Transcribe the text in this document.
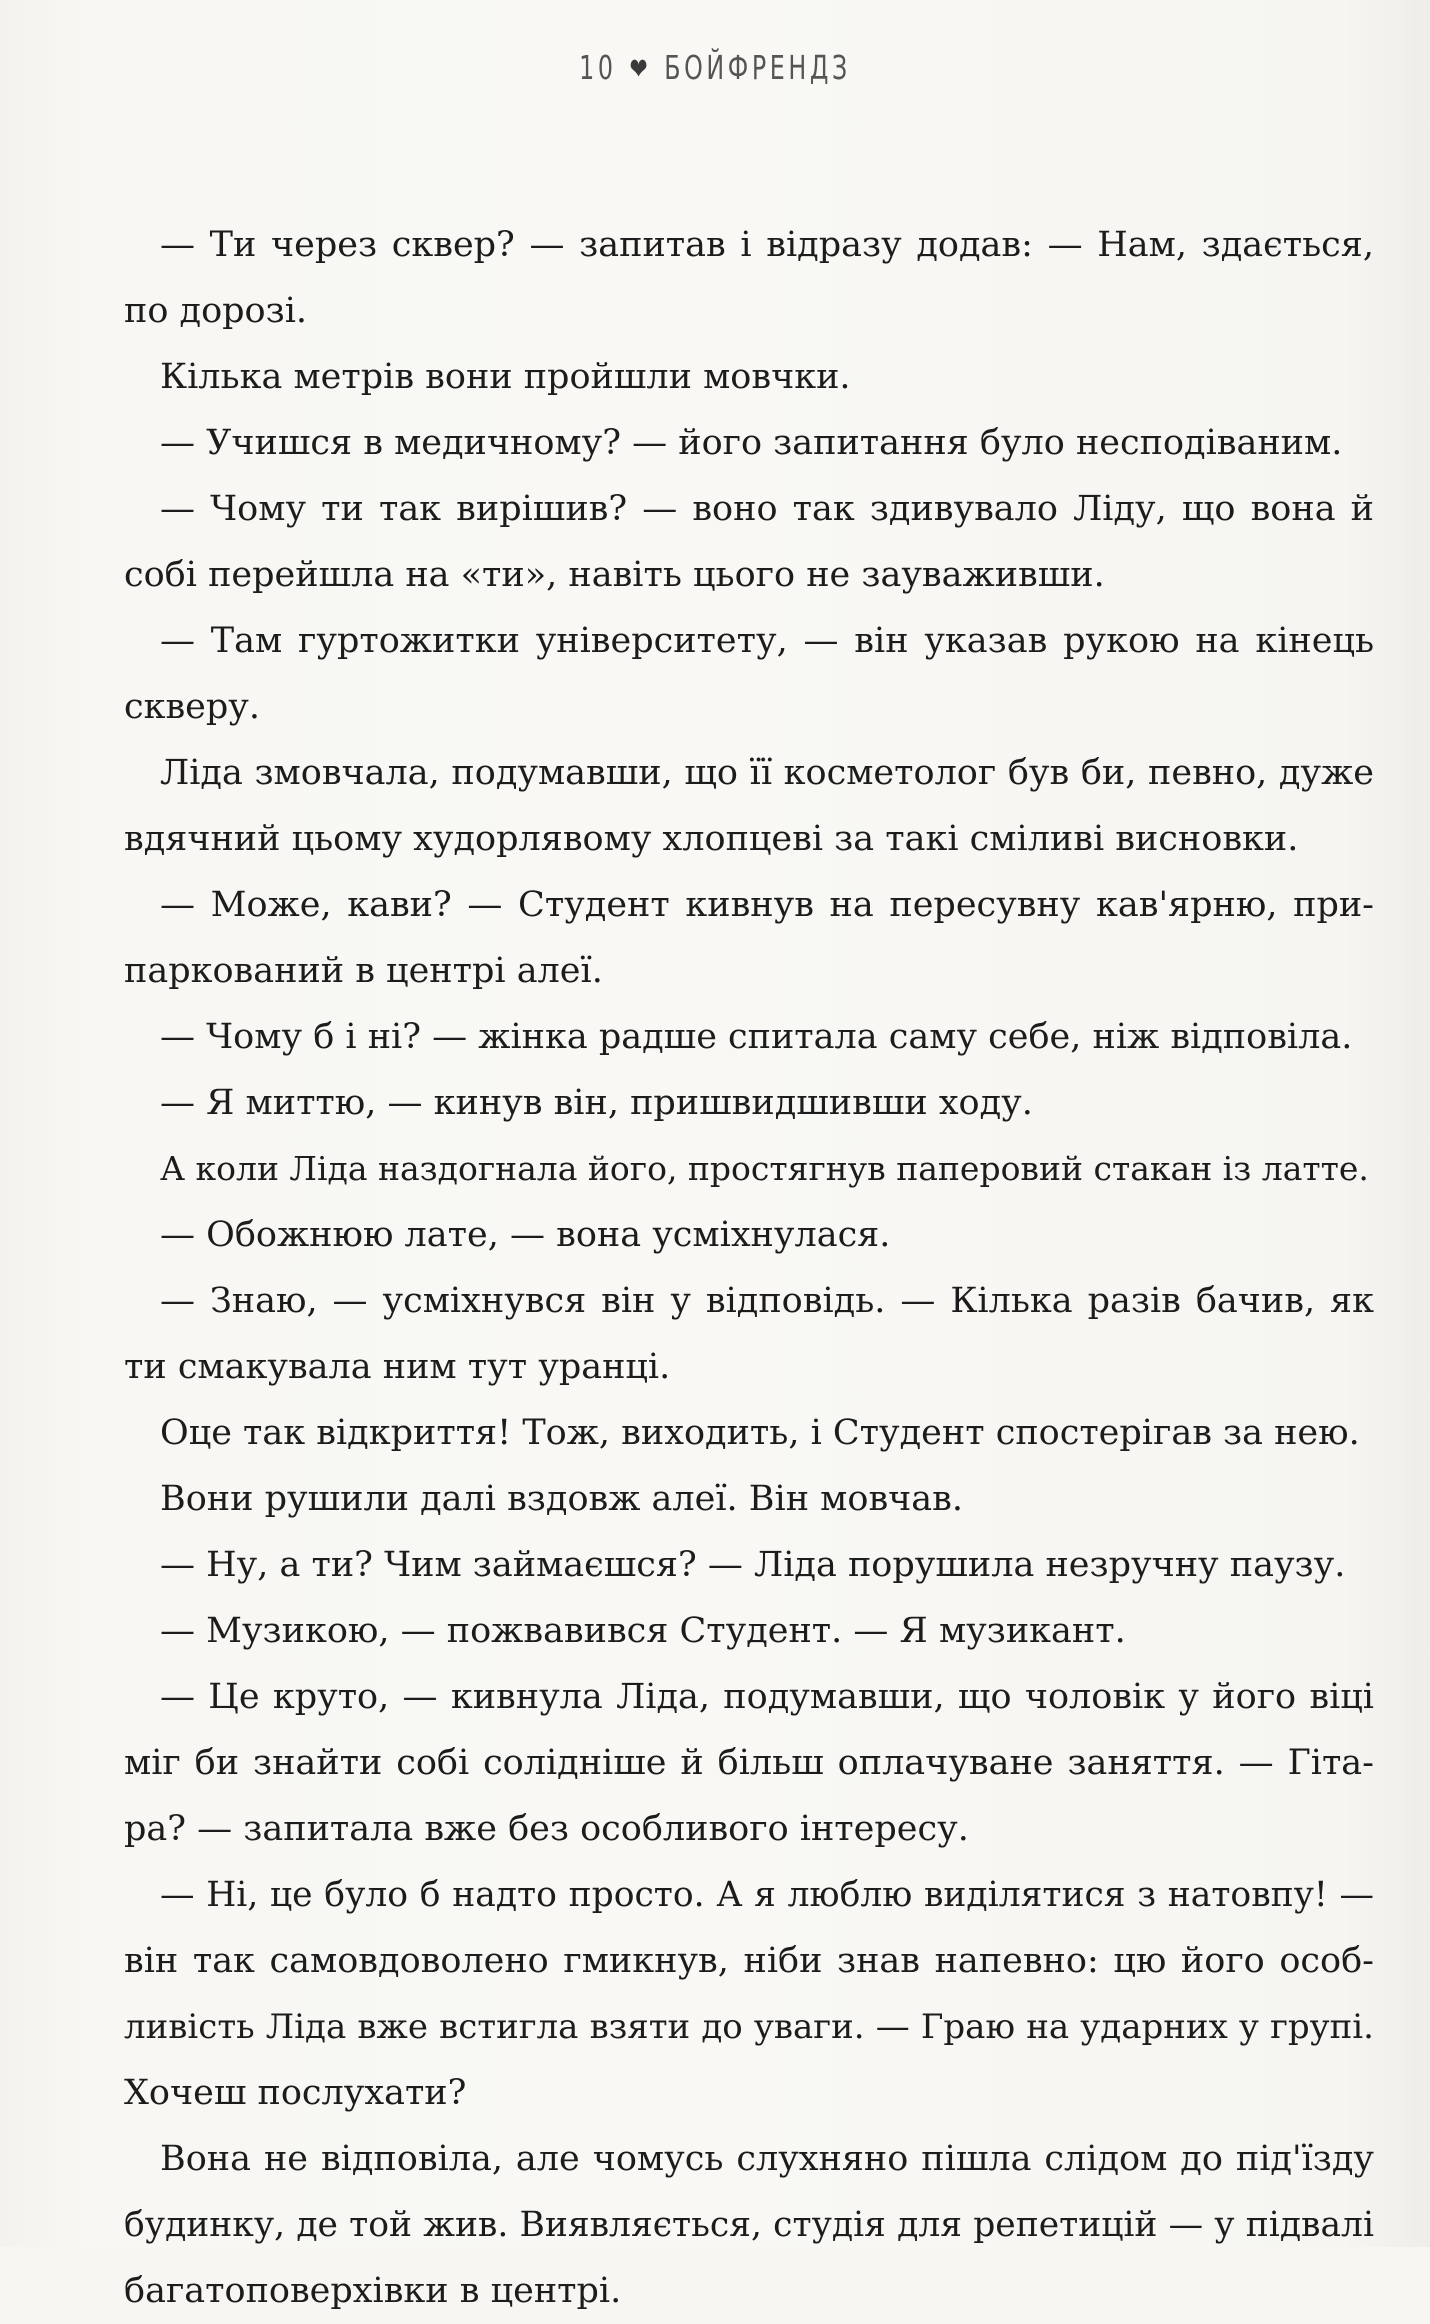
10 ❤ БОЙФРЕНДЗ
— Ти через сквер? — запитав і відразу додав: — Нам, здається,
по дорозі.
Кілька метрів вони пройшли мовчки.
— Учишся в медичному? — його запитання було несподіваним.
— Чому ти так вирішив? — воно так здивувало Ліду, що вона й
собі перейшла на «ти», навіть цього не зауваживши.
— Там гуртожитки університету, — він указав рукою на кінець
скверу.
Ліда змовчала, подумавши, що її косметолог був би, певно, дуже
вдячний цьому худорлявому хлопцеві за такі сміливі висновки.
— Може, кави? — Студент кивнув на пересувну кав'ярню, при-
паркований в центрі алеї.
— Чому б і ні? — жінка радше спитала саму себе, ніж відповіла.
— Я миттю, — кинув він, пришвидшивши ходу.
А коли Ліда наздогнала його, простягнув паперовий стакан із латте.
— Обожнюю лате, — вона усміхнулася.
— Знаю, — усміхнувся він у відповідь. — Кілька разів бачив, як
ти смакувала ним тут уранці.
Оце так відкриття! Тож, виходить, і Студент спостерігав за нею.
Вони рушили далі вздовж алеї. Він мовчав.
— Ну, а ти? Чим займаєшся? — Ліда порушила незручну паузу.
— Музикою, — пожвавився Студент. — Я музикант.
— Це круто, — кивнула Ліда, подумавши, що чоловік у його віці
міг би знайти собі солідніше й більш оплачуване заняття. — Гіта-
ра? — запитала вже без особливого інтересу.
— Ні, це було б надто просто. А я люблю виділятися з натовпу! —
він так самовдоволено гмикнув, ніби знав напевно: цю його особ-
ливість Ліда вже встигла взяти до уваги. — Граю на ударних у групі.
Хочеш послухати?
Вона не відповіла, але чомусь слухняно пішла слідом до під'їзду
будинку, де той жив. Виявляється, студія для репетицій — у підвалі
багатоповерхівки в центрі.
